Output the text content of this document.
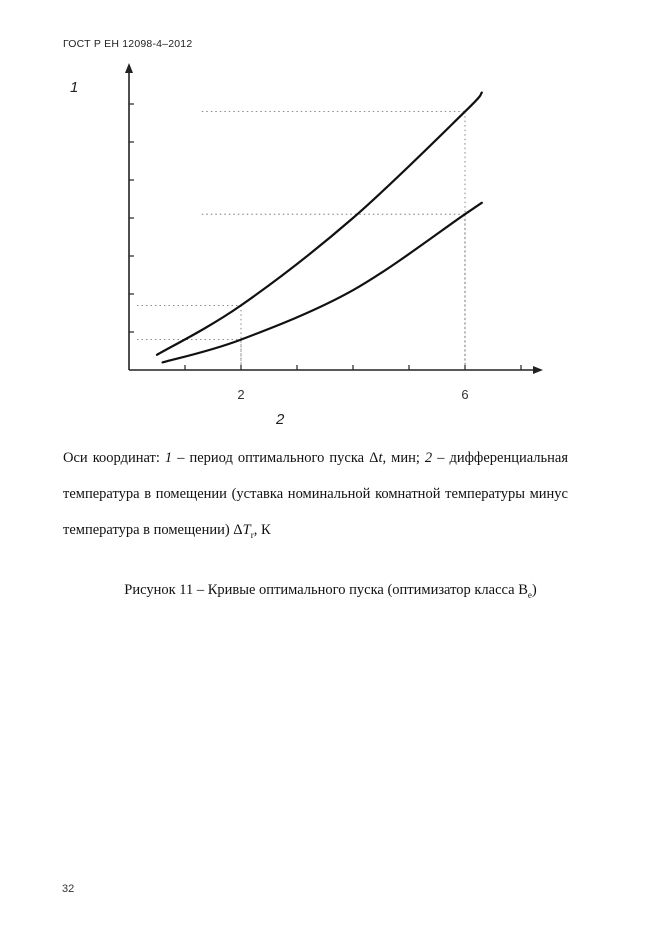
ГОСТ Р ЕН 12098-4–2012
1
2
2	6
Оси координат: 1 – период оптимального пуска Δt, мин; 2 – дифференциальная температура в помещении (уставка номинальной комнатной температуры минус температура в помещении) $\Delta T_r$, К
Рисунок 11 – Кривые оптимального пуска (оптимизатор класса $B_e$)
32
